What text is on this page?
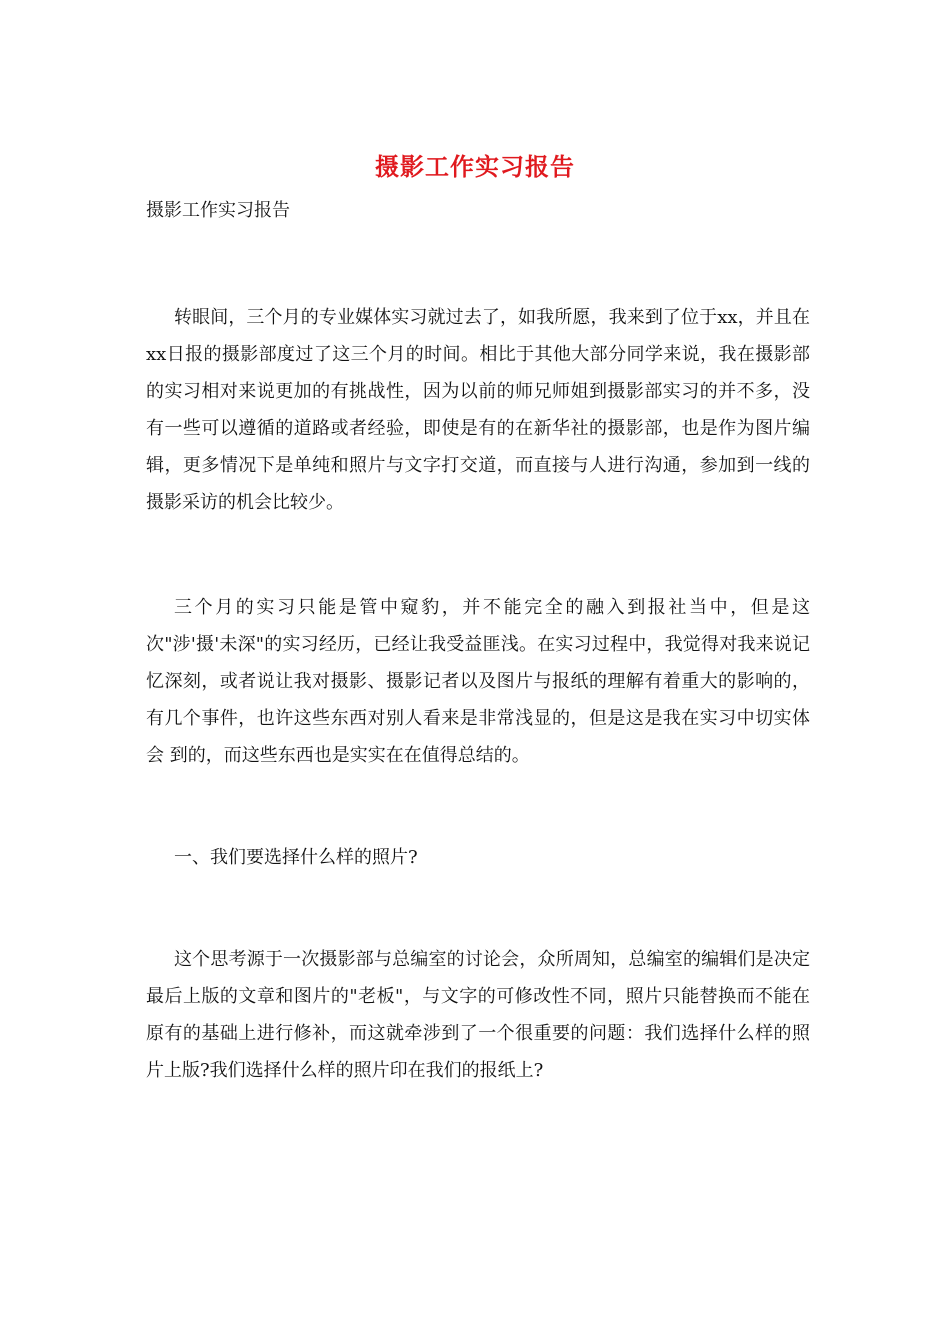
摄影工作实习报告
摄影工作实习报告

转眼间，三个月的专业媒体实习就过去了，如我所愿，我来到了位于xx，并且在xx日报的摄影部度过了这三个月的时间。相比于其他大部分同学来说，我在摄影部的实习相对来说更加的有挑战性，因为以前的师兄师姐到摄影部实习的并不多，没有一些可以遵循的道路或者经验，即使是有的在新华社的摄影部，也是作为图片编辑，更多情况下是单纯和照片与文字打交道，而直接与人进行沟通，参加到一线的摄影采访的机会比较少。

三个月的实习只能是管中窥豹，并不能完全的融入到报社当中，但是这次"涉'摄'未深"的实习经历，已经让我受益匪浅。在实习过程中，我觉得对我来说记忆深刻，或者说让我对摄影、摄影记者以及图片与报纸的理解有着重大的影响的，有几个事件，也许这些东西对别人看来是非常浅显的，但是这是我在实习中切实体会 到的，而这些东西也是实实在在值得总结的。

一、我们要选择什么样的照片?

这个思考源于一次摄影部与总编室的讨论会，众所周知，总编室的编辑们是决定最后上版的文章和图片的"老板"，与文字的可修改性不同，照片只能替换而不能在原有的基础上进行修补，而这就牵涉到了一个很重要的问题：我们选择什么样的照片上版?我们选择什么样的照片印在我们的报纸上?
